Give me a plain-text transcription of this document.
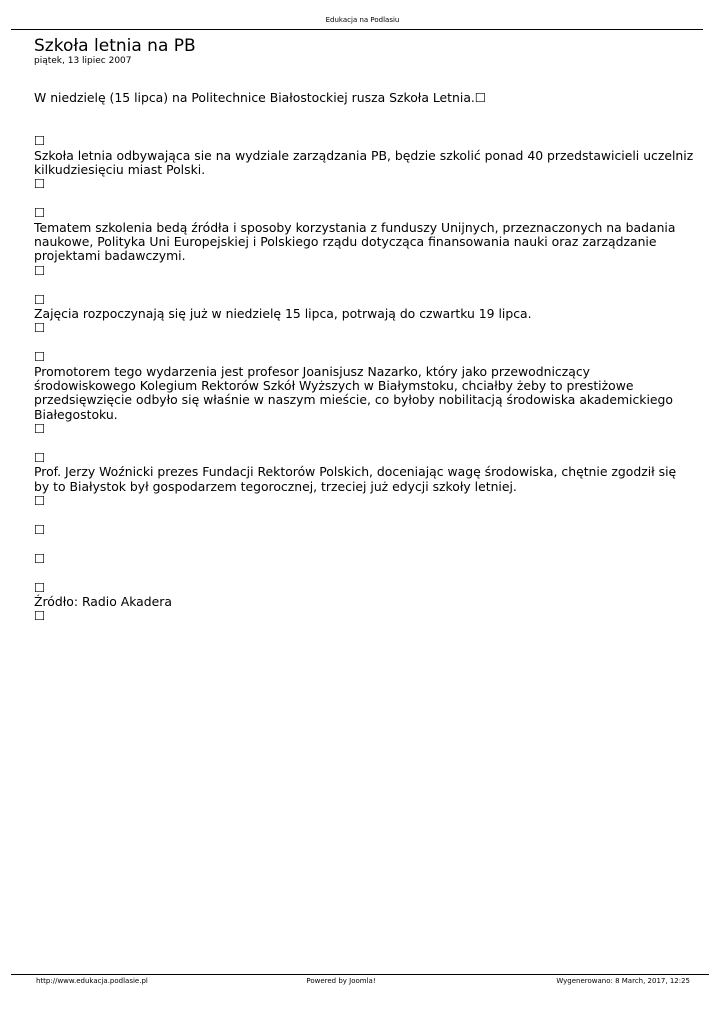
Edukacja na Podlasiu
Szkoła letnia na PB
piątek, 13 lipiec 2007

W niedzielę (15 lipca) na Politechnice Białostockiej rusza Szkoła Letnia.☐

☐

Szkoła letnia odbywająca sie na wydziale zarządzania PB, będzie szkolić ponad 40 przedstawicieli uczelniz kilkudziesięciu miast Polski.

☐

☐

Tematem szkolenia bedą źródła i sposoby korzystania z funduszy Unijnych, przeznaczonych na badania naukowe, Polityka Uni Europejskiej i Polskiego rządu dotycząca finansowania nauki oraz zarządzanie projektami badawczymi.

☐

☐

Zajęcia rozpoczynają się już w niedzielę 15 lipca, potrwają do czwartku 19 lipca.

☐

☐

Promotorem tego wydarzenia jest profesor Joanisjusz Nazarko, który jako przewodniczący środowiskowego Kolegium Rektorów Szkół Wyższych w Białymstoku, chciałby żeby to prestiżowe przedsięwzięcie odbyło się właśnie w naszym mieście, co byłoby nobilitacją środowiska akademickiego Białegostoku.

☐

☐

Prof. Jerzy Woźnicki prezes Fundacji Rektorów Polskich, doceniając wagę środowiska, chętnie zgodził się by to Białystok był gospodarzem tegorocznej, trzeciej już edycji szkoły letniej.

☐

☐

☐

☐

Źródło: Radio Akadera

☐

http://www.edukacja.podlasie.pl	Powered by Joomla!	Wygenerowano: 8 March, 2017, 12:25
